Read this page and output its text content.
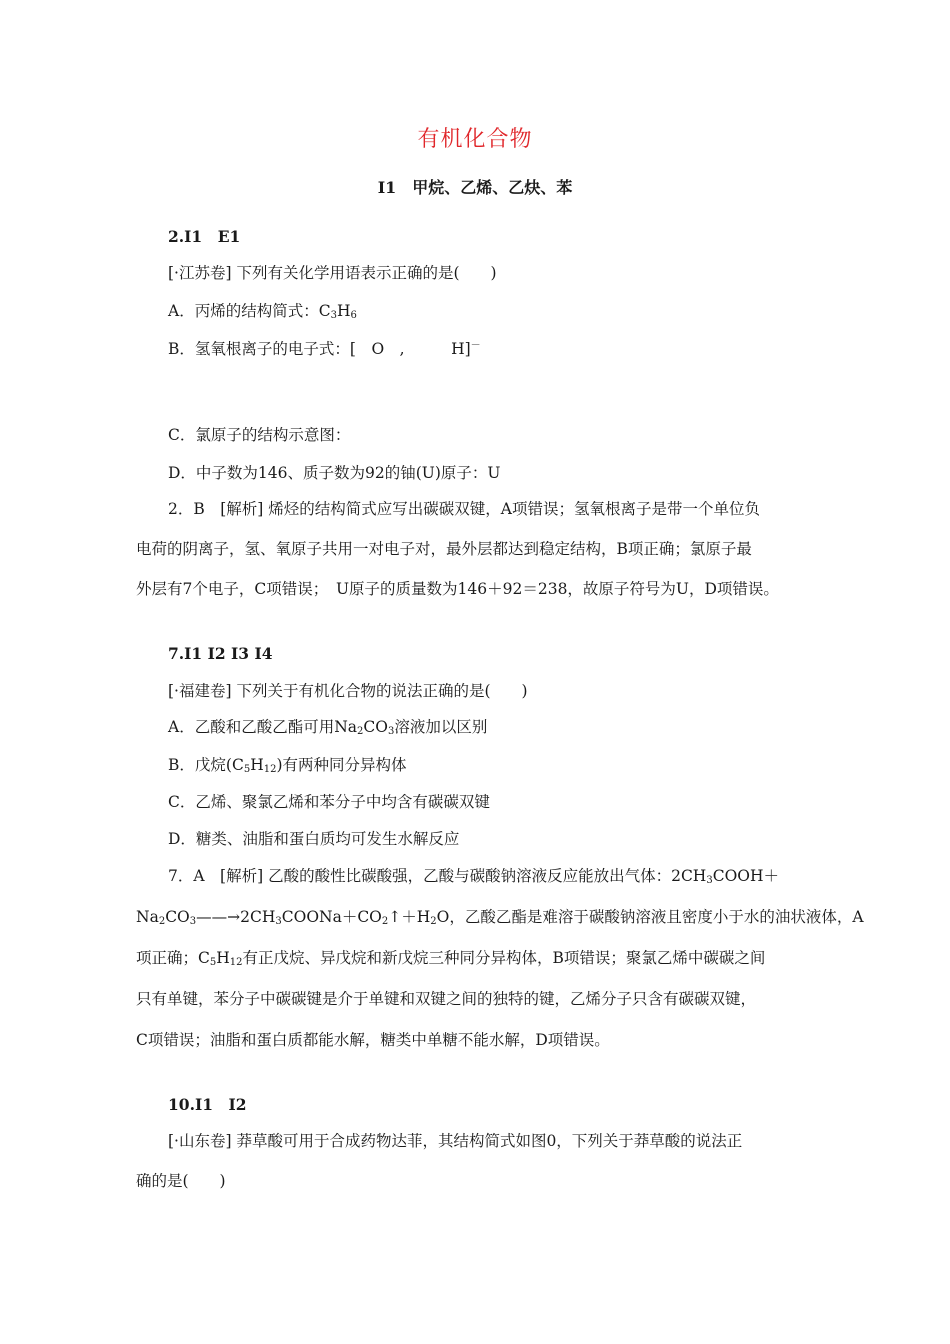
有机化合物
I1　甲烷、乙烯、乙炔、苯
2.I1　E1
[·江苏卷] 下列有关化学用语表示正确的是(　　)
A．丙烯的结构简式：$C_3H_6$
B．氢氧根离子的电子式：[　O　,　　　H]－
C．氯原子的结构示意图：
D．中子数为146、质子数为92的铀(U)原子：U
2．B　[解析] 烯烃的结构简式应写出碳碳双键，A项错误；氢氧根离子是带一个单位负
电荷的阴离子，氢、氧原子共用一对电子对，最外层都达到稳定结构，B项正确；氯原子最
外层有7个电子，C项错误；　U原子的质量数为146＋92＝238，故原子符号为U，D项错误。
7.I1 I2 I3 I4
[·福建卷] 下列关于有机化合物的说法正确的是(　　)
A．乙酸和乙酸乙酯可用$Na_2CO_3$溶液加以区别
B．戊烷$(C_5H_{12})$有两种同分异构体
C．乙烯、聚氯乙烯和苯分子中均含有碳碳双键
D．糖类、油脂和蛋白质均可发生水解反应
7．A　[解析] 乙酸的酸性比碳酸强，乙酸与碳酸钠溶液反应能放出气体：$2CH_3COOH+$
$Na_2CO_3——\to 2CH_3COONa+CO_2↑+H_2O$，乙酸乙酯是难溶于碳酸钠溶液且密度小于水的油状液体，A
项正确；$C_5H_{12}$有正戊烷、异戊烷和新戊烷三种同分异构体，B项错误；聚氯乙烯中碳碳之间
只有单键，苯分子中碳碳键是介于单键和双键之间的独特的键，乙烯分子只含有碳碳双键，
C项错误；油脂和蛋白质都能水解，糖类中单糖不能水解，D项错误。
10.I1　I2
[·山东卷] 莽草酸可用于合成药物达菲，其结构简式如图0，下列关于莽草酸的说法正
确的是(　　)
